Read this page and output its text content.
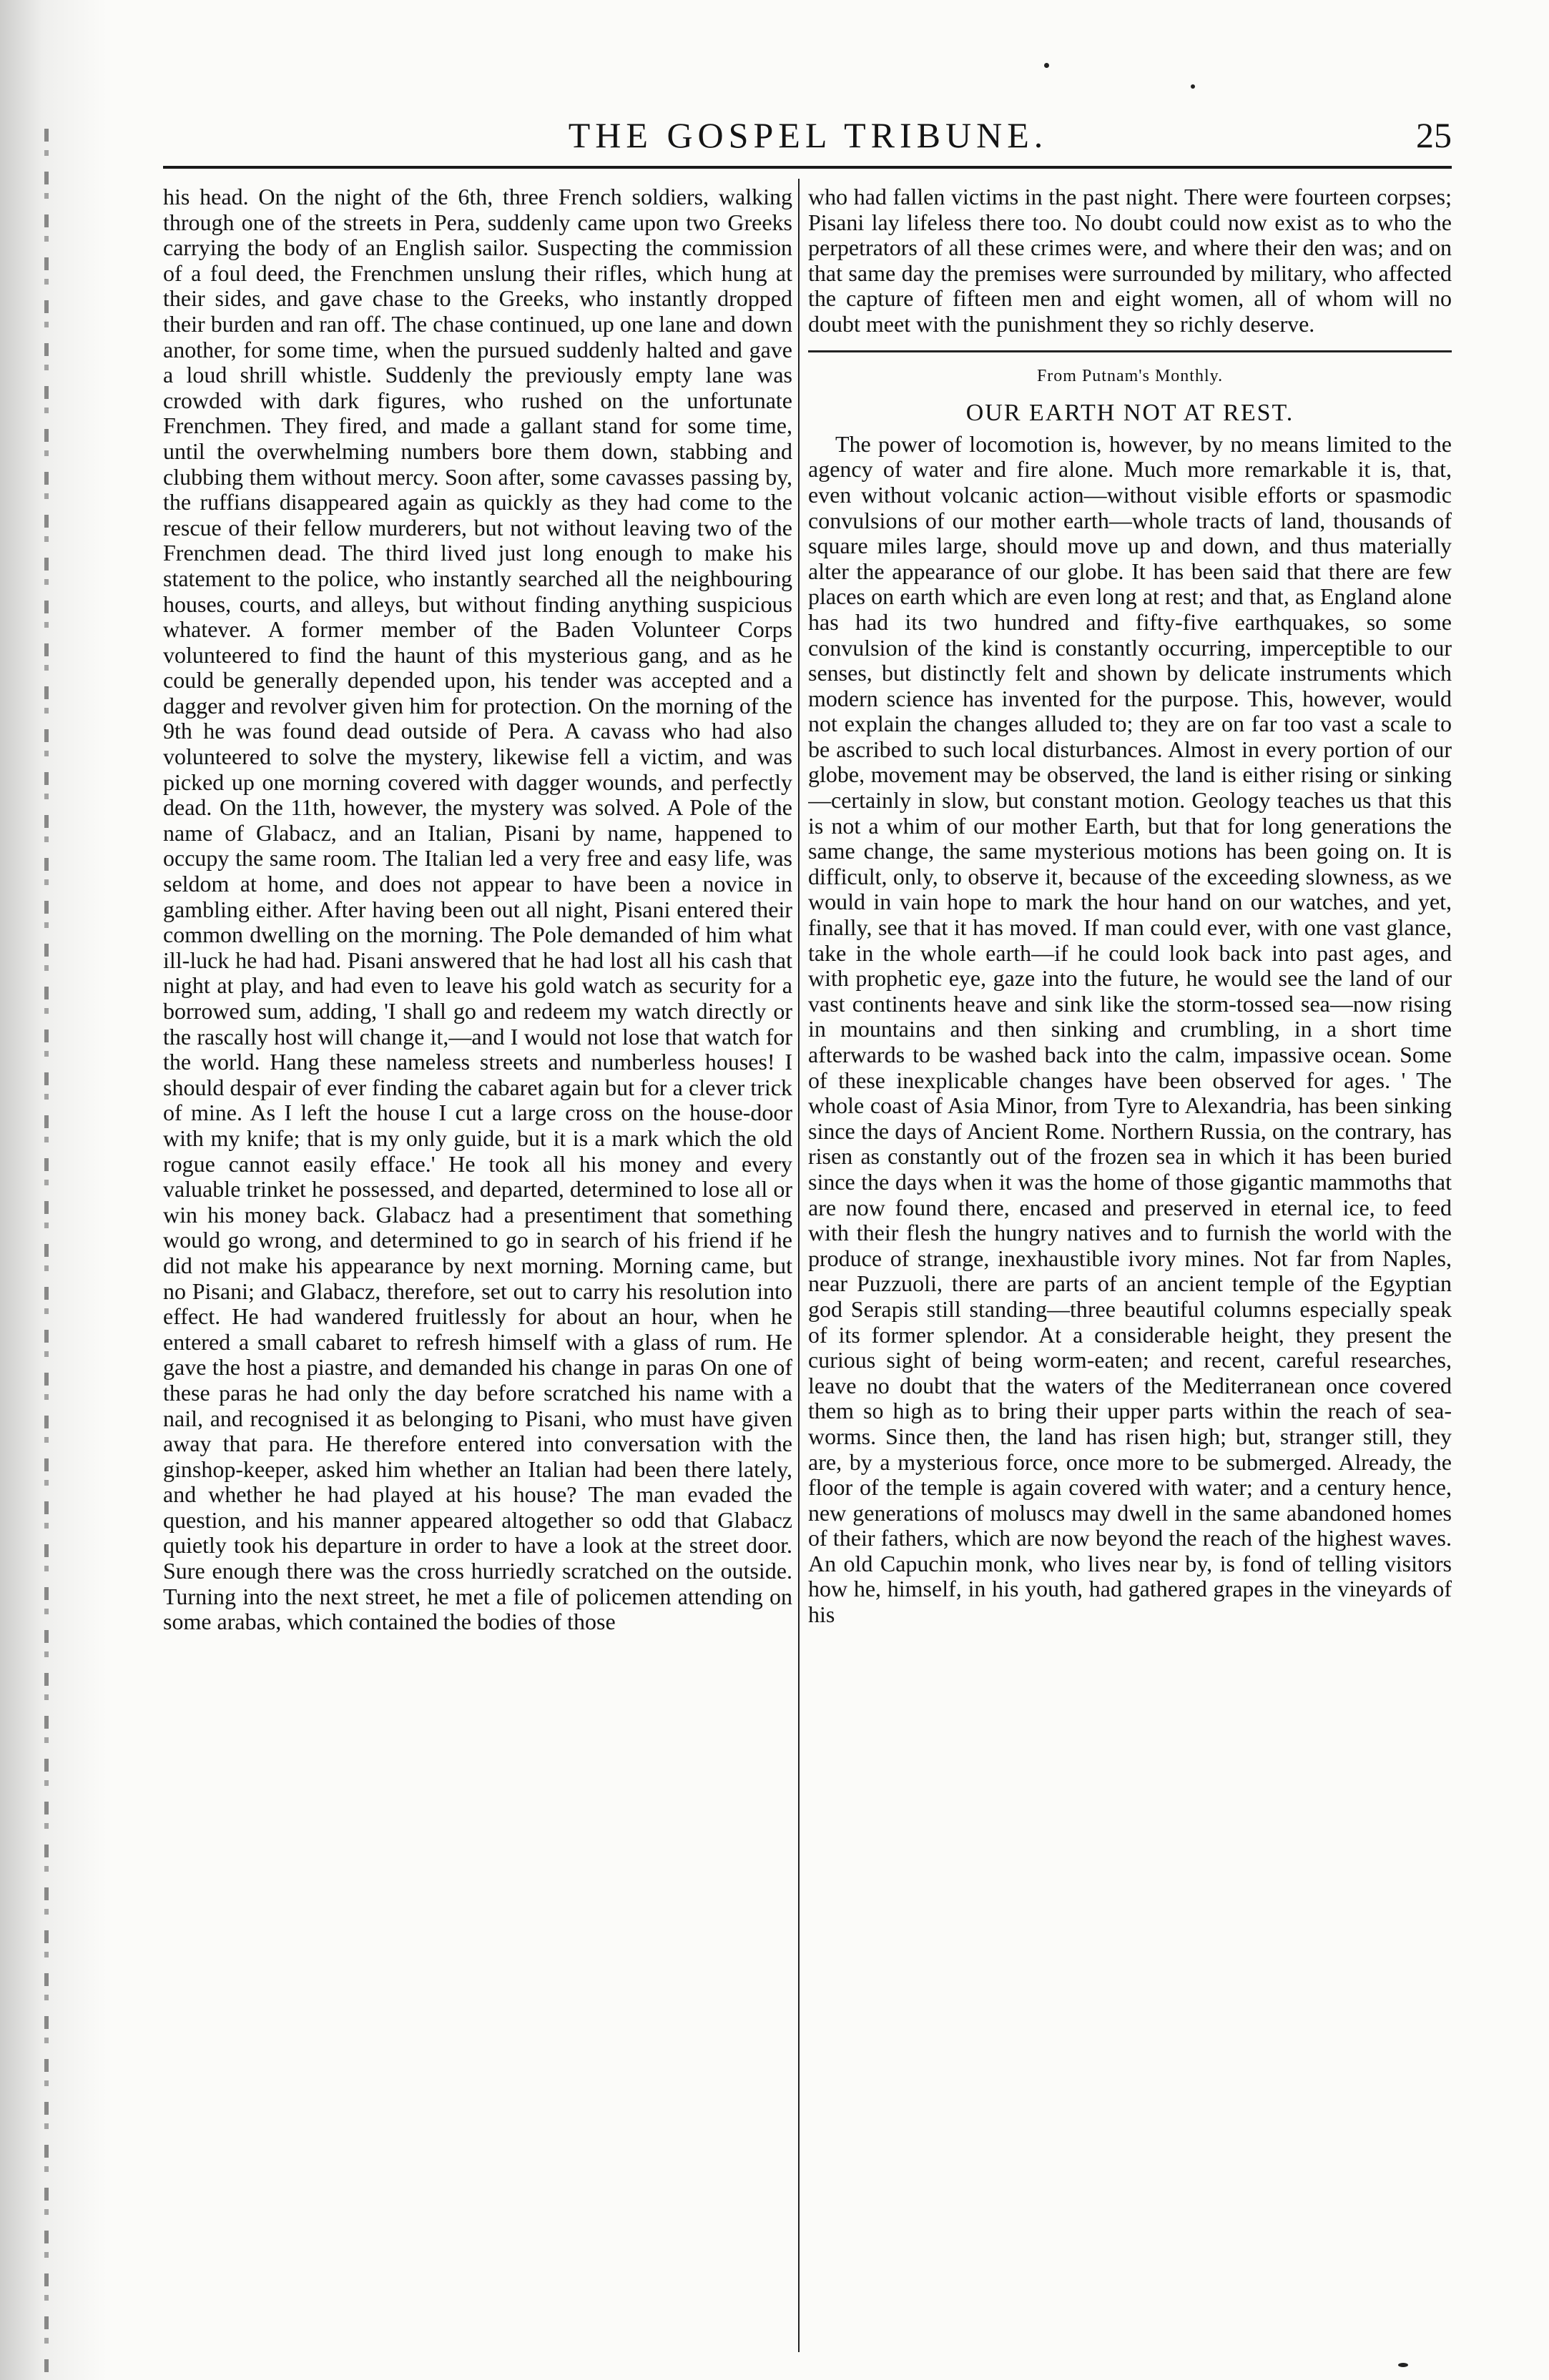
THE GOSPEL TRIBUNE.	25

his head. On the night of the 6th, three French soldiers, walking through one of the streets in Pera, suddenly came upon two Greeks carrying the body of an English sailor. Suspecting the commission of a foul deed, the Frenchmen unslung their rifles, which hung at their sides, and gave chase to the Greeks, who instantly dropped their burden and ran off. The chase continued, up one lane and down another, for some time, when the pursued suddenly halted and gave a loud shrill whistle. Suddenly the previously empty lane was crowded with dark figures, who rushed on the unfortunate Frenchmen. They fired, and made a gallant stand for some time, until the overwhelming numbers bore them down, stabbing and clubbing them without mercy. Soon after, some cavasses passing by, the ruffians disappeared again as quickly as they had come to the rescue of their fellow murderers, but not without leaving two of the Frenchmen dead. The third lived just long enough to make his statement to the police, who instantly searched all the neighbouring houses, courts, and alleys, but without finding anything suspicious whatever. A former member of the Baden Volunteer Corps volunteered to find the haunt of this mysterious gang, and as he could be generally depended upon, his tender was accepted and a dagger and revolver given him for protection. On the morning of the 9th he was found dead outside of Pera. A cavass who had also volunteered to solve the mystery, likewise fell a victim, and was picked up one morning covered with dagger wounds, and perfectly dead. On the 11th, however, the mystery was solved. A Pole of the name of Glabacz, and an Italian, Pisani by name, happened to occupy the same room. The Italian led a very free and easy life, was seldom at home, and does not appear to have been a novice in gambling either. After having been out all night, Pisani entered their common dwelling on the morning. The Pole demanded of him what ill-luck he had had. Pisani answered that he had lost all his cash that night at play, and had even to leave his gold watch as security for a borrowed sum, adding, 'I shall go and redeem my watch directly or the rascally host will change it,—and I would not lose that watch for the world. Hang these nameless streets and numberless houses! I should despair of ever finding the cabaret again but for a clever trick of mine. As I left the house I cut a large cross on the house-door with my knife; that is my only guide, but it is a mark which the old rogue cannot easily efface.' He took all his money and every valuable trinket he possessed, and departed, determined to lose all or win his money back. Glabacz had a presentiment that something would go wrong, and determined to go in search of his friend if he did not make his appearance by next morning. Morning came, but no Pisani; and Glabacz, therefore, set out to carry his resolution into effect. He had wandered fruitlessly for about an hour, when he entered a small cabaret to refresh himself with a glass of rum. He gave the host a piastre, and demanded his change in paras On one of these paras he had only the day before scratched his name with a nail, and recognised it as belonging to Pisani, who must have given away that para. He therefore entered into conversation with the ginshop-keeper, asked him whether an Italian had been there lately, and whether he had played at his house? The man evaded the question, and his manner appeared altogether so odd that Glabacz quietly took his departure in order to have a look at the street door. Sure enough there was the cross hurriedly scratched on the outside. Turning into the next street, he met a file of policemen attending on some arabas, which contained the bodies of those

who had fallen victims in the past night. There were fourteen corpses; Pisani lay lifeless there too. No doubt could now exist as to who the perpetrators of all these crimes were, and where their den was; and on that same day the premises were surrounded by military, who affected the capture of fifteen men and eight women, all of whom will no doubt meet with the punishment they so richly deserve.

From Putnam's Monthly.
OUR EARTH NOT AT REST.

The power of locomotion is, however, by no means limited to the agency of water and fire alone. Much more remarkable it is, that, even without volcanic action—without visible efforts or spasmodic convulsions of our mother earth—whole tracts of land, thousands of square miles large, should move up and down, and thus materially alter the appearance of our globe. It has been said that there are few places on earth which are even long at rest; and that, as England alone has had its two hundred and fifty-five earthquakes, so some convulsion of the kind is constantly occurring, imperceptible to our senses, but distinctly felt and shown by delicate instruments which modern science has invented for the purpose. This, however, would not explain the changes alluded to; they are on far too vast a scale to be ascribed to such local disturbances. Almost in every portion of our globe, movement may be observed, the land is either rising or sinking—certainly in slow, but constant motion. Geology teaches us that this is not a whim of our mother Earth, but that for long generations the same change, the same mysterious motions has been going on. It is difficult, only, to observe it, because of the exceeding slowness, as we would in vain hope to mark the hour hand on our watches, and yet, finally, see that it has moved. If man could ever, with one vast glance, take in the whole earth—if he could look back into past ages, and with prophetic eye, gaze into the future, he would see the land of our vast continents heave and sink like the storm-tossed sea—now rising in mountains and then sinking and crumbling, in a short time afterwards to be washed back into the calm, impassive ocean. Some of these inexplicable changes have been observed for ages. ' The whole coast of Asia Minor, from Tyre to Alexandria, has been sinking since the days of Ancient Rome. Northern Russia, on the contrary, has risen as constantly out of the frozen sea in which it has been buried since the days when it was the home of those gigantic mammoths that are now found there, encased and preserved in eternal ice, to feed with their flesh the hungry natives and to furnish the world with the produce of strange, inexhaustible ivory mines. Not far from Naples, near Puzzuoli, there are parts of an ancient temple of the Egyptian god Serapis still standing—three beautiful columns especially speak of its former splendor. At a considerable height, they present the curious sight of being worm-eaten; and recent, careful researches, leave no doubt that the waters of the Mediterranean once covered them so high as to bring their upper parts within the reach of sea-worms. Since then, the land has risen high; but, stranger still, they are, by a mysterious force, once more to be submerged. Already, the floor of the temple is again covered with water; and a century hence, new generations of moluscs may dwell in the same abandoned homes of their fathers, which are now beyond the reach of the highest waves. An old Capuchin monk, who lives near by, is fond of telling visitors how he, himself, in his youth, had gathered grapes in the vineyards of his
